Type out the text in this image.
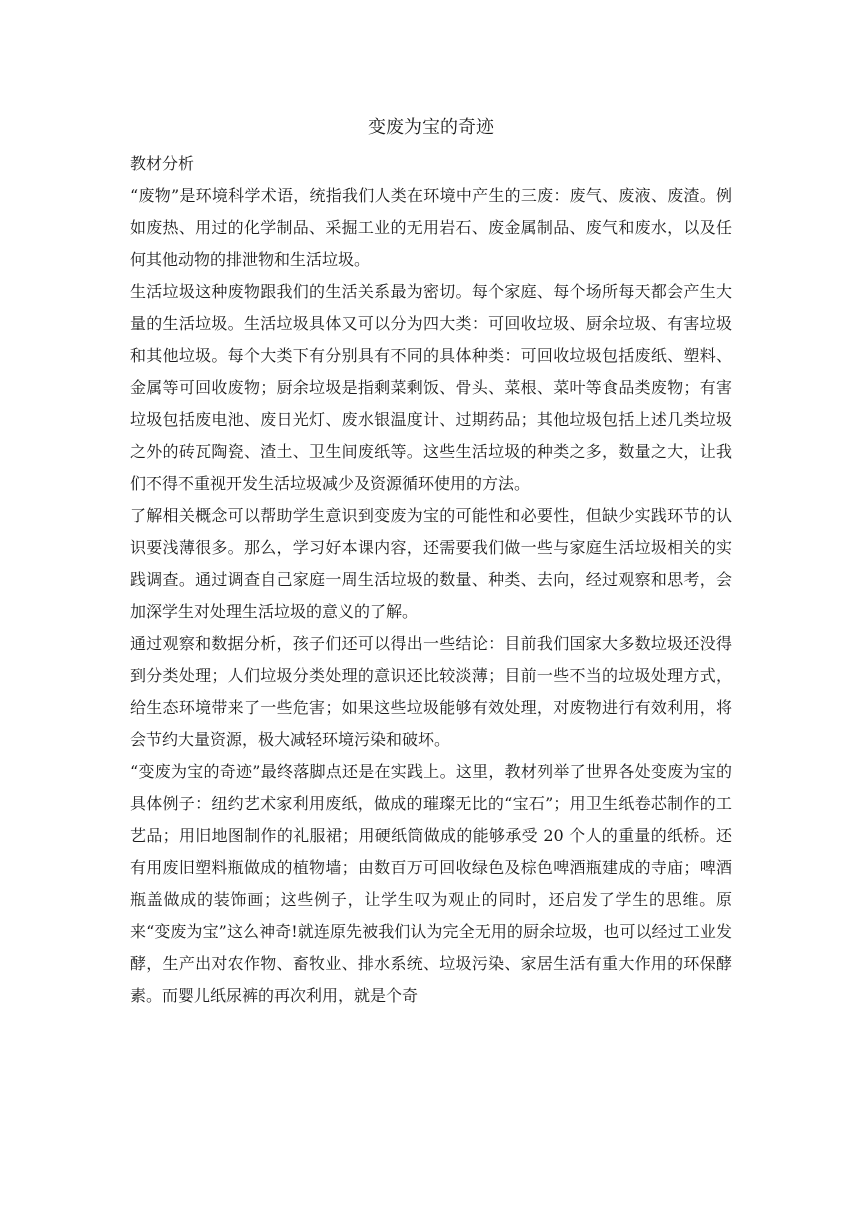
变废为宝的奇迹
教材分析

“废物”是环境科学术语，统指我们人类在环境中产生的三废：废气、废液、废渣。例如废热、用过的化学制品、采掘工业的无用岩石、废金属制品、废气和废水，以及任何其他动物的排泄物和生活垃圾。

生活垃圾这种废物跟我们的生活关系最为密切。每个家庭、每个场所每天都会产生大量的生活垃圾。生活垃圾具体又可以分为四大类：可回收垃圾、厨余垃圾、有害垃圾和其他垃圾。每个大类下有分别具有不同的具体种类：可回收垃圾包括废纸、塑料、金属等可回收废物；厨余垃圾是指剩菜剩饭、骨头、菜根、菜叶等食品类废物；有害垃圾包括废电池、废日光灯、废水银温度计、过期药品；其他垃圾包括上述几类垃圾之外的砖瓦陶瓷、渣土、卫生间废纸等。这些生活垃圾的种类之多，数量之大，让我们不得不重视开发生活垃圾减少及资源循环使用的方法。

了解相关概念可以帮助学生意识到变废为宝的可能性和必要性，但缺少实践环节的认识要浅薄很多。那么，学习好本课内容，还需要我们做一些与家庭生活垃圾相关的实践调查。通过调查自己家庭一周生活垃圾的数量、种类、去向，经过观察和思考，会加深学生对处理生活垃圾的意义的了解。

通过观察和数据分析，孩子们还可以得出一些结论：目前我们国家大多数垃圾还没得到分类处理；人们垃圾分类处理的意识还比较淡薄；目前一些不当的垃圾处理方式，给生态环境带来了一些危害；如果这些垃圾能够有效处理，对废物进行有效利用，将会节约大量资源，极大减轻环境污染和破坏。

“变废为宝的奇迹”最终落脚点还是在实践上。这里，教材列举了世界各处变废为宝的具体例子：纽约艺术家利用废纸，做成的璀璨无比的“宝石”；用卫生纸卷芯制作的工艺品；用旧地图制作的礼服裙；用硬纸筒做成的能够承受 20 个人的重量的纸桥。还有用废旧塑料瓶做成的植物墙；由数百万可回收绿色及棕色啤酒瓶建成的寺庙；啤酒瓶盖做成的装饰画；这些例子，让学生叹为观止的同时，还启发了学生的思维。原来“变废为宝”这么神奇!就连原先被我们认为完全无用的厨余垃圾，也可以经过工业发酵，生产出对农作物、畜牧业、排水系统、垃圾污染、家居生活有重大作用的环保酵素。而婴儿纸尿裤的再次利用，就是个奇
